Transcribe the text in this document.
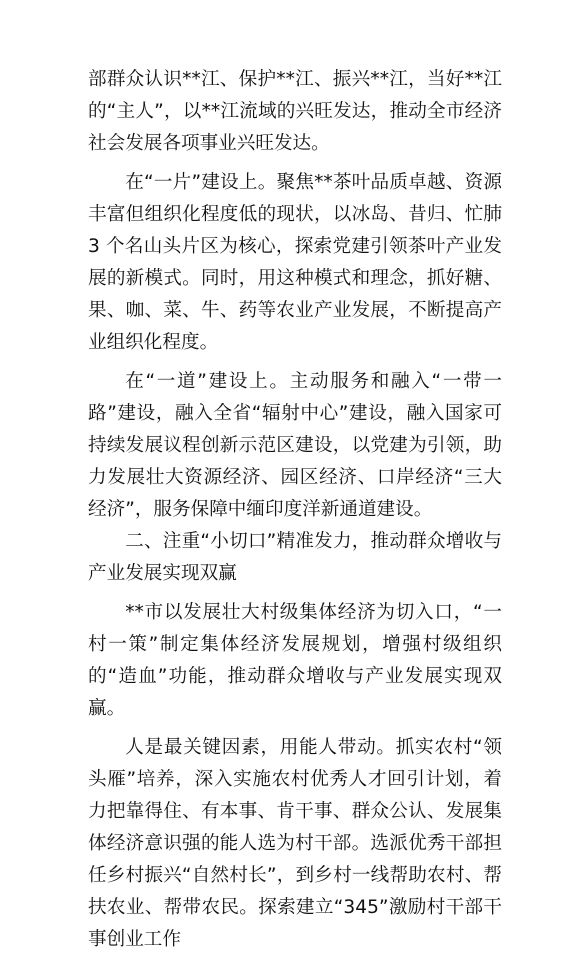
部群众认识**江、保护**江、振兴**江，当好**江的“主人”，以**江流域的兴旺发达，推动全市经济社会发展各项事业兴旺发达。

在“一片”建设上。聚焦**茶叶品质卓越、资源丰富但组织化程度低的现状，以冰岛、昔归、忙肺 3 个名山头片区为核心，探索党建引领茶叶产业发展的新模式。同时，用这种模式和理念，抓好糖、果、咖、菜、牛、药等农业产业发展，不断提高产业组织化程度。

在“一道”建设上。主动服务和融入“一带一路”建设，融入全省“辐射中心”建设，融入国家可持续发展议程创新示范区建设，以党建为引领，助力发展壮大资源经济、园区经济、口岸经济“三大经济”，服务保障中缅印度洋新通道建设。

二、注重“小切口”精准发力，推动群众增收与产业发展实现双赢

**市以发展壮大村级集体经济为切入口，“一村一策”制定集体经济发展规划，增强村级组织的“造血”功能，推动群众增收与产业发展实现双赢。

人是最关键因素，用能人带动。抓实农村“领头雁”培养，深入实施农村优秀人才回引计划，着力把靠得住、有本事、肯干事、群众公认、发展集体经济意识强的能人选为村干部。选派优秀干部担任乡村振兴“自然村长”，到乡村一线帮助农村、帮扶农业、帮带农民。探索建立“345”激励村干部干事创业工作
